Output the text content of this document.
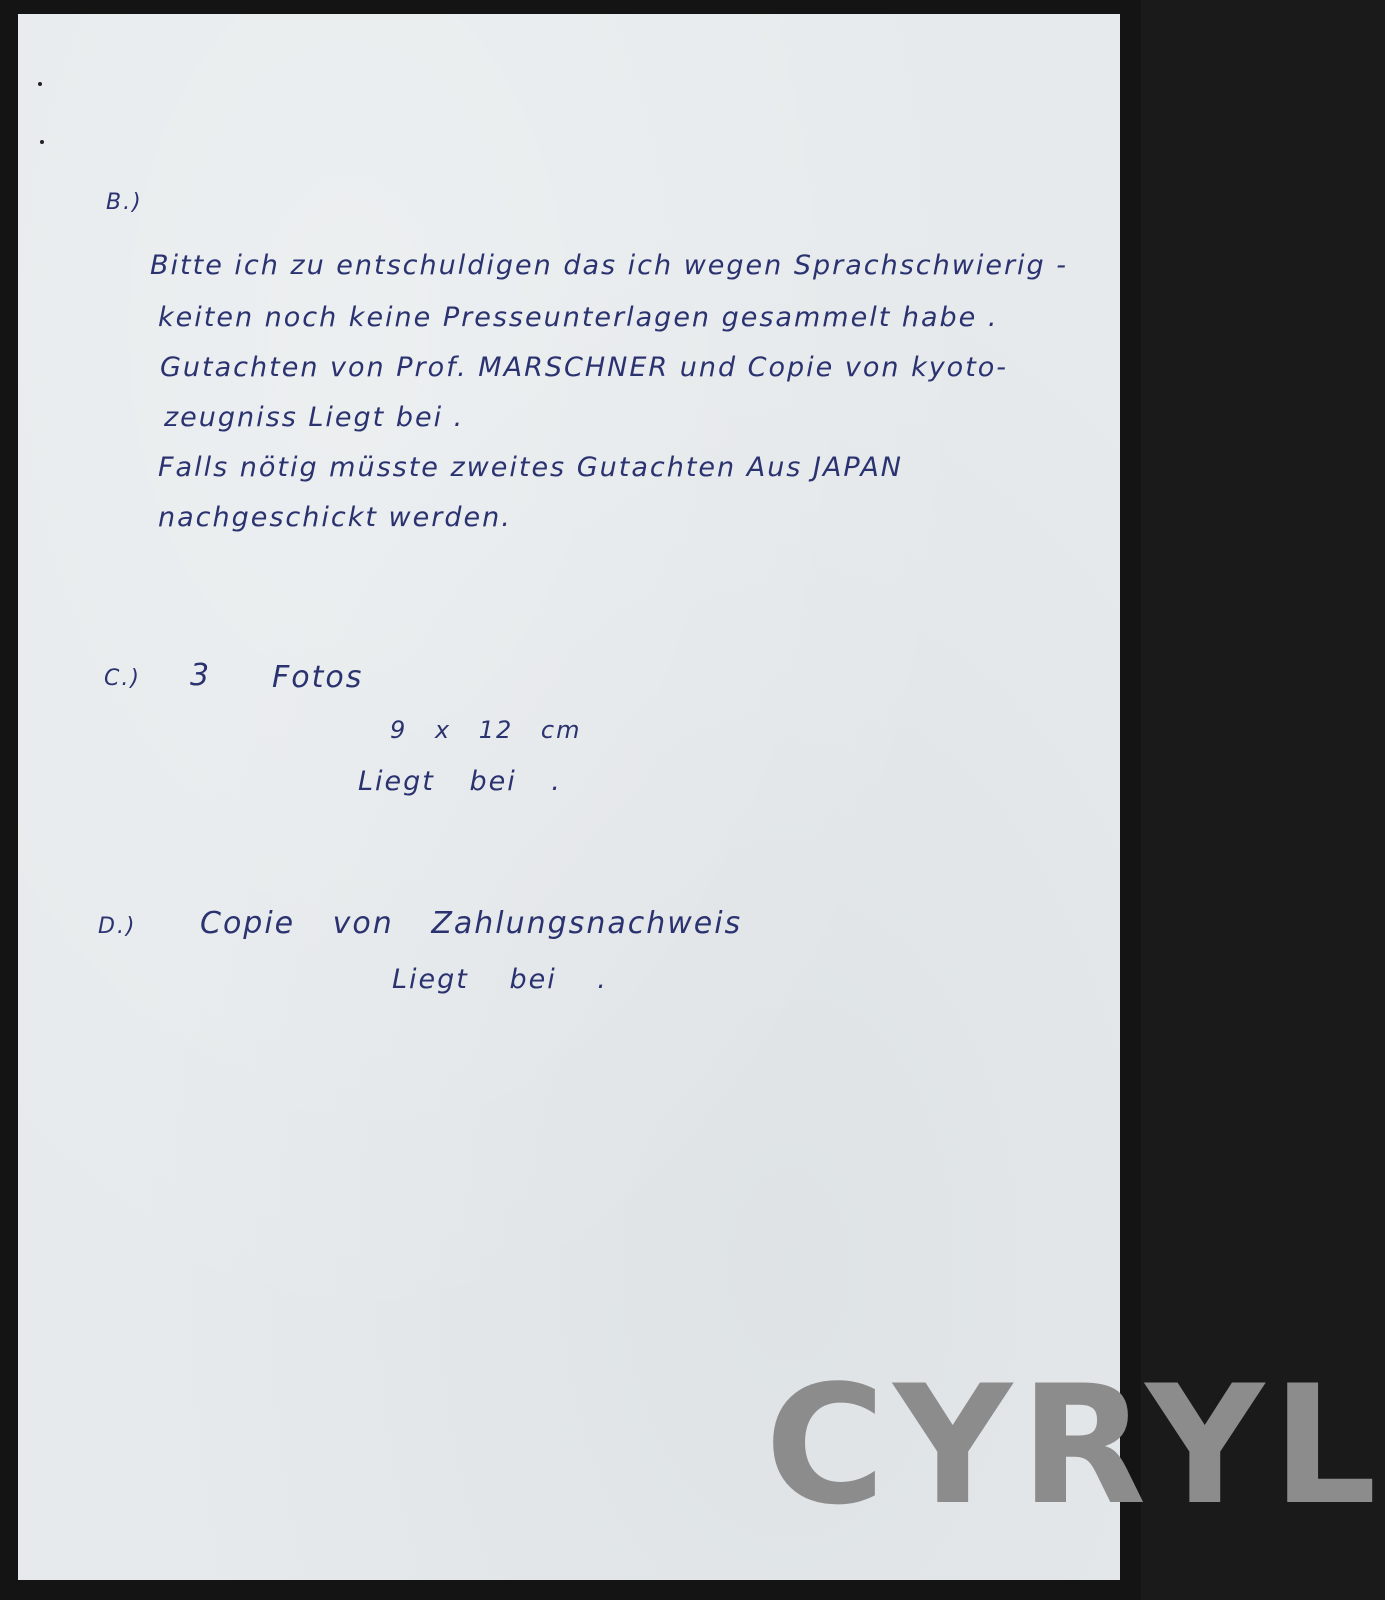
B.)
Bitte ich zu entschuldigen das ich wegen Sprachschwierig -
keiten noch keine Presseunterlagen gesammelt habe .
Gutachten von Prof. MARSCHNER und Copie von kyoto-
zeugniss Liegt bei .
Falls nötig müsste zweites Gutachten Aus JAPAN
nachgeschickt werden.
C.) 3 Fotos
9 x 12 cm
Liegt bei .
D.) Copie von Zahlungsnachweis
Liegt bei .
CYRYL
